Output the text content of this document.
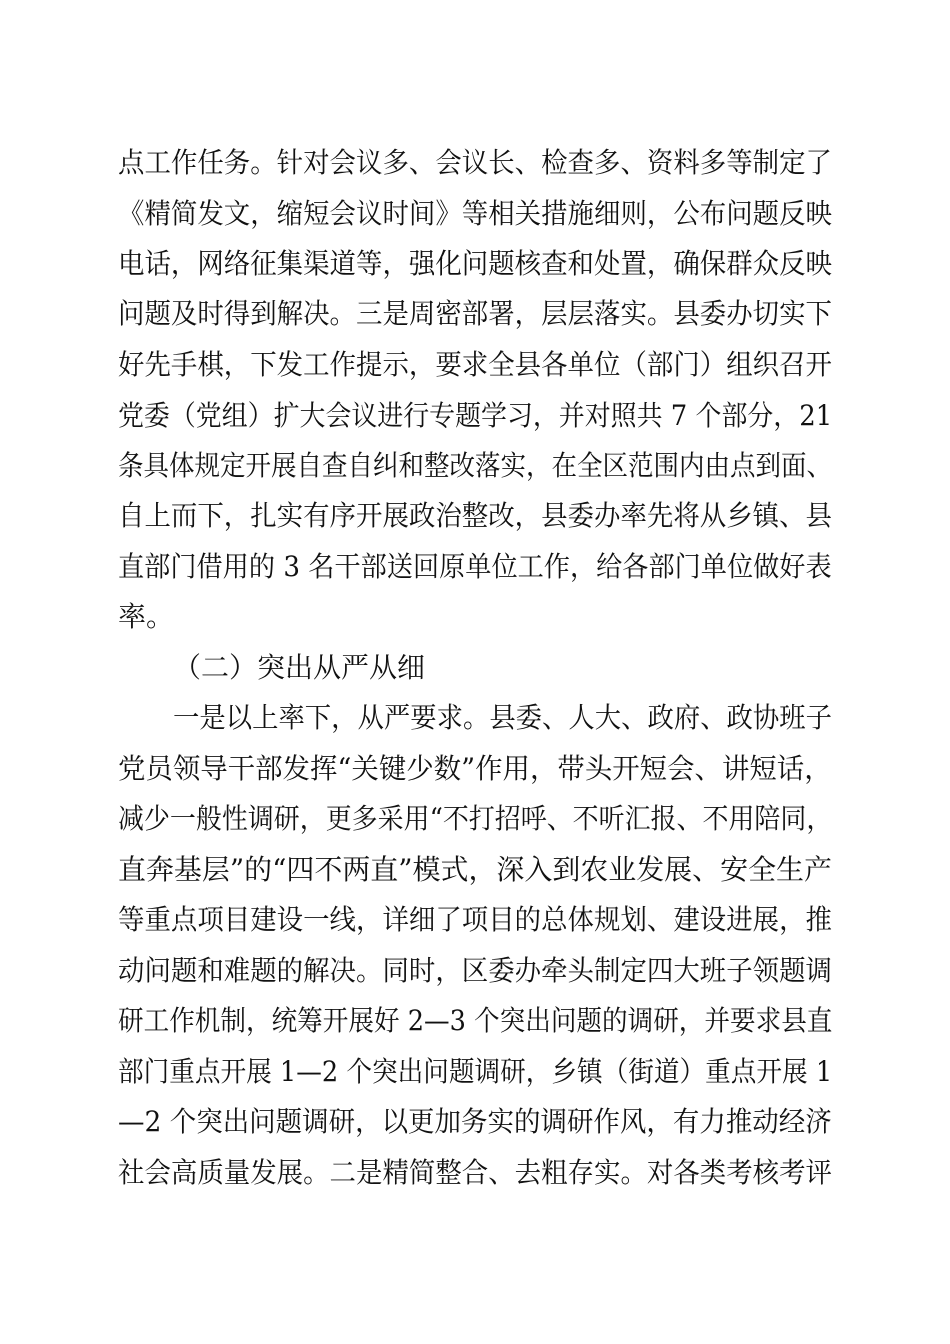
点工作任务。针对会议多、会议长、检查多、资料多等制定了
《精简发文，缩短会议时间》等相关措施细则，公布问题反映
电话，网络征集渠道等，强化问题核查和处置，确保群众反映
问题及时得到解决。三是周密部署，层层落实。县委办切实下
好先手棋，下发工作提示，要求全县各单位（部门）组织召开
党委（党组）扩大会议进行专题学习，并对照共 7 个部分，21
条具体规定开展自查自纠和整改落实，在全区范围内由点到面、
自上而下，扎实有序开展政治整改，县委办率先将从乡镇、县
直部门借用的 3 名干部送回原单位工作，给各部门单位做好表
率。
（二）突出从严从细
一是以上率下，从严要求。县委、人大、政府、政协班子
党员领导干部发挥“关键少数”作用，带头开短会、讲短话，
减少一般性调研，更多采用“不打招呼、不听汇报、不用陪同，
直奔基层”的“四不两直”模式，深入到农业发展、安全生产
等重点项目建设一线，详细了项目的总体规划、建设进展，推
动问题和难题的解决。同时，区委办牵头制定四大班子领题调
研工作机制，统筹开展好 2—3 个突出问题的调研，并要求县直
部门重点开展 1—2 个突出问题调研，乡镇（街道）重点开展 1
—2 个突出问题调研，以更加务实的调研作风，有力推动经济
社会高质量发展。二是精简整合、去粗存实。对各类考核考评
